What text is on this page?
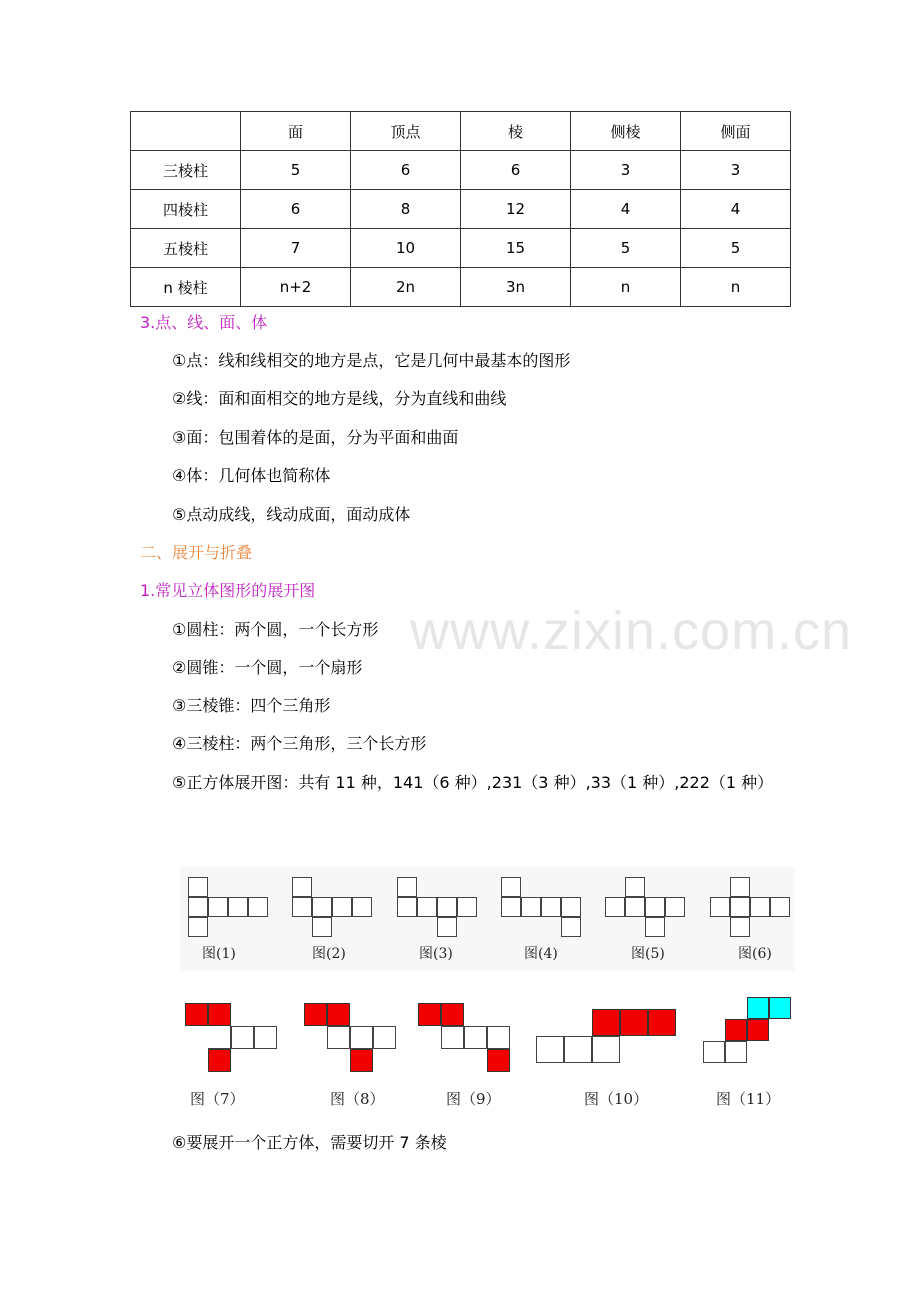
www.zixin.com.cn
	面	顶点	棱	侧棱	侧面
三棱柱	5	6	6	3	3
四棱柱	6	8	12	4	4
五棱柱	7	10	15	5	5
n 棱柱	n+2	2n	3n	n	n
3.点、线、面、体
①点：线和线相交的地方是点，它是几何中最基本的图形
②线：面和面相交的地方是线，分为直线和曲线
③面：包围着体的是面，分为平面和曲面
④体：几何体也简称体
⑤点动成线，线动成面，面动成体
二、展开与折叠
1.常见立体图形的展开图
①圆柱：两个圆，一个长方形
②圆锥：一个圆，一个扇形
③三棱锥：四个三角形
④三棱柱：两个三角形，三个长方形
⑤正方体展开图：共有 11 种，141（6 种）,231（3 种）,33（1 种）,222（1 种）
图(1)	图(2)	图(3)	图(4)	图(5)	图(6)
图（7）	图（8）	图（9）	图（10）	图（11）
⑥要展开一个正方体，需要切开 7 条棱
